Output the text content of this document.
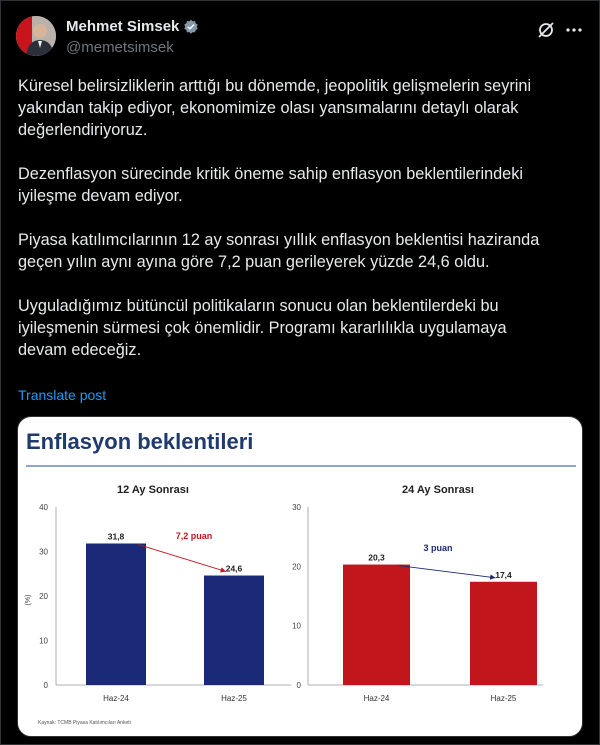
Mehmet Simsek
@memetsimsek

Küresel belirsizliklerin arttığı bu dönemde, jeopolitik gelişmelerin seyrini
yakından takip ediyor, ekonomimize olası yansımalarını detaylı olarak
değerlendiriyoruz.

Dezenflasyon sürecinde kritik öneme sahip enflasyon beklentilerindeki
iyileşme devam ediyor.

Piyasa katılımcılarının 12 ay sonrası yıllık enflasyon beklentisi haziranda
geçen yılın aynı ayına göre 7,2 puan gerileyerek yüzde 24,6 oldu.

Uyguladığımız bütüncül politikaların sonucu olan beklentilerdeki bu
iyileşmenin sürmesi çok önemlidir. Programı kararlılıkla uygulamaya
devam edeceğiz.

Translate post
Enflasyon beklentileri
12 Ay Sonrası
0
10
20
30
40
(%)
31,8
Haz-24
24,6
Haz-25
7,2 puan
24 Ay Sonrası
0
10
20
30
20,3
Haz-24
17,4
Haz-25
3 puan
Kaynak: TCMB Piyasa Katılımcıları Anketi
